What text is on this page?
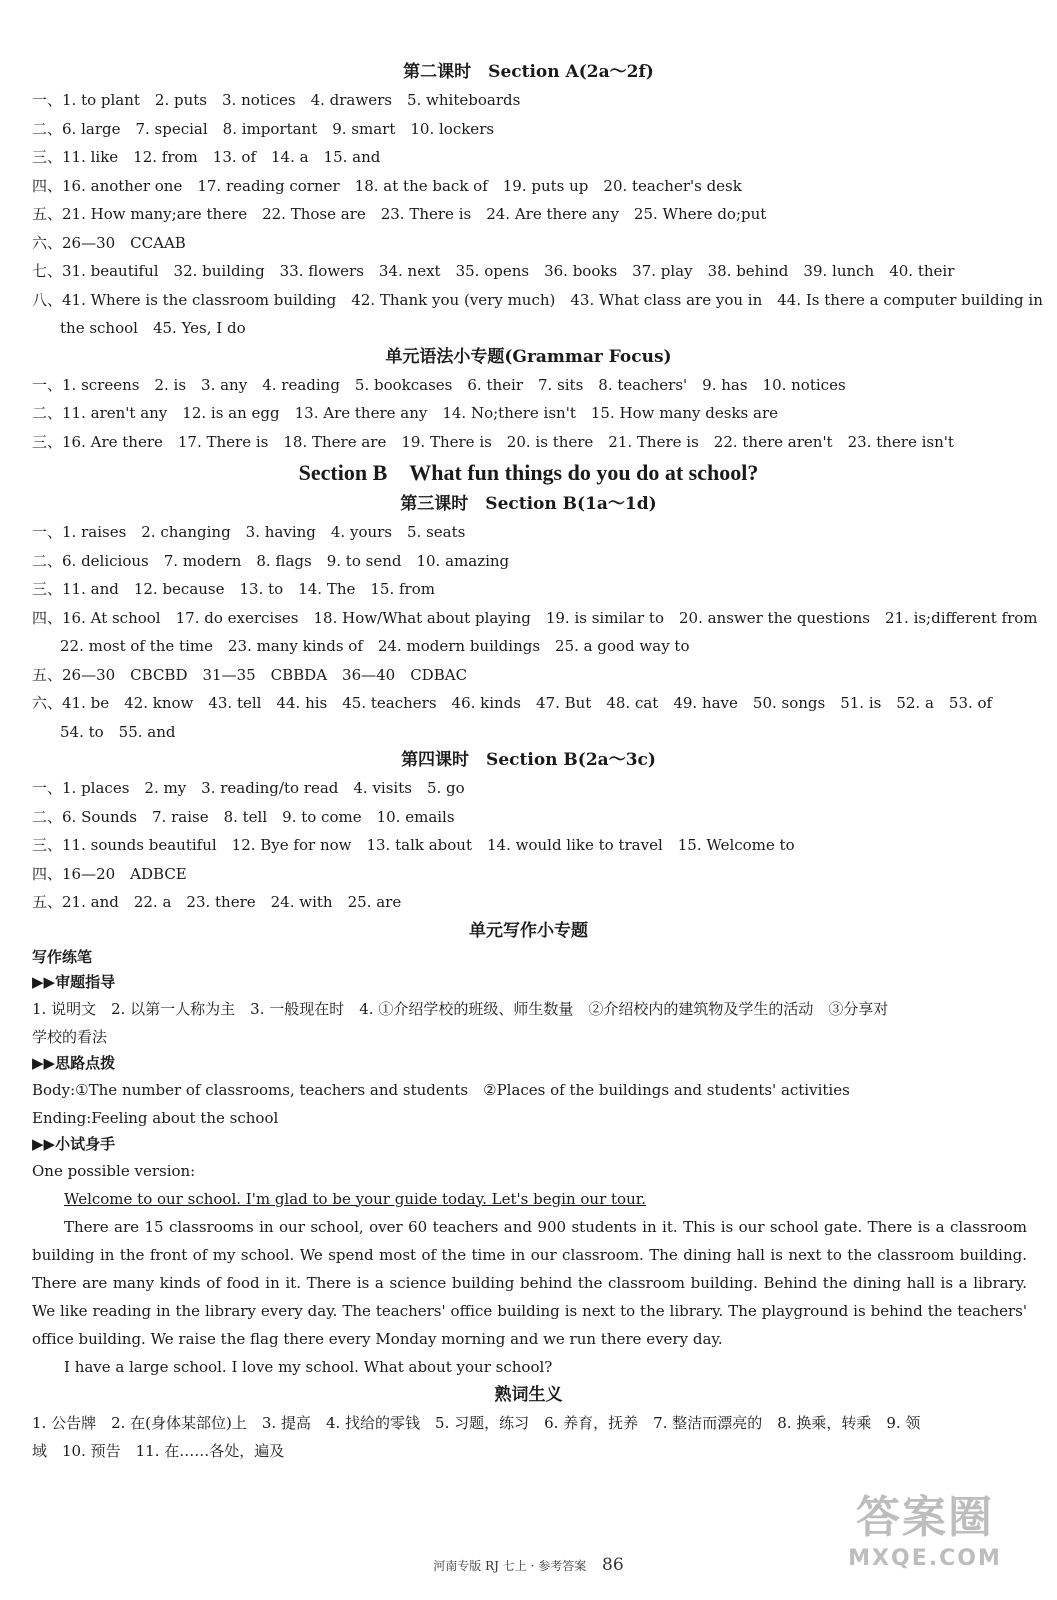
第二课时　Section A(2a～2f)

一、1. to plant　2. puts　3. notices　4. drawers　5. whiteboards

二、6. large　7. special　8. important　9. smart　10. lockers

三、11. like　12. from　13. of　14. a　15. and

四、16. another one　17. reading corner　18. at the back of　19. puts up　20. teacher's desk

五、21. How many;are there　22. Those are　23. There is　24. Are there any　25. Where do;put

六、26—30　CCAAB

七、31. beautiful　32. building　33. flowers　34. next　35. opens　36. books　37. play　38. behind　39. lunch　40. their

八、41. Where is the classroom building　42. Thank you (very much)　43. What class are you in　44. Is there a computer building in

the school　45. Yes, I do

单元语法小专题(Grammar Focus)

一、1. screens　2. is　3. any　4. reading　5. bookcases　6. their　7. sits　8. teachers'　9. has　10. notices

二、11. aren't any　12. is an egg　13. Are there any　14. No;there isn't　15. How many desks are

三、16. Are there　17. There is　18. There are　19. There is　20. is there　21. There is　22. there aren't　23. there isn't

Section B　What fun things do you do at school?

第三课时　Section B(1a～1d)

一、1. raises　2. changing　3. having　4. yours　5. seats

二、6. delicious　7. modern　8. flags　9. to send　10. amazing

三、11. and　12. because　13. to　14. The　15. from

四、16. At school　17. do exercises　18. How/What about playing　19. is similar to　20. answer the questions　21. is;different from

22. most of the time　23. many kinds of　24. modern buildings　25. a good way to

五、26—30　CBCBD　31—35　CBBDA　36—40　CDBAC

六、41. be　42. know　43. tell　44. his　45. teachers　46. kinds　47. But　48. cat　49. have　50. songs　51. is　52. a　53. of

54. to　55. and

第四课时　Section B(2a～3c)

一、1. places　2. my　3. reading/to read　4. visits　5. go

二、6. Sounds　7. raise　8. tell　9. to come　10. emails

三、11. sounds beautiful　12. Bye for now　13. talk about　14. would like to travel　15. Welcome to

四、16—20　ADBCE

五、21. and　22. a　23. there　24. with　25. are

单元写作小专题

写作练笔

▶▶审题指导

1. 说明文　2. 以第一人称为主　3. 一般现在时　4. ①介绍学校的班级、师生数量　②介绍校内的建筑物及学生的活动　③分享对

学校的看法

▶▶思路点拨

Body:①The number of classrooms, teachers and students　②Places of the buildings and students' activities

Ending:Feeling about the school

▶▶小试身手

One possible version:

Welcome to our school. I'm glad to be your guide today. Let's begin our tour.

There are 15 classrooms in our school, over 60 teachers and 900 students in it. This is our school gate. There is a classroom building in the front of my school. We spend most of the time in our classroom. The dining hall is next to the classroom building. There are many kinds of food in it. There is a science building behind the classroom building. Behind the dining hall is a library. We like reading in the library every day. The teachers' office building is next to the library. The playground is behind the teachers' office building. We raise the flag there every Monday morning and we run there every day.

I have a large school. I love my school. What about your school?

熟词生义

1. 公告牌　2. 在(身体某部位)上　3. 提高　4. 找给的零钱　5. 习题，练习　6. 养育，抚养　7. 整洁而漂亮的　8. 换乘，转乘　9. 领

域　10. 预告　11. 在……各处，遍及

河南专版 RJ 七上 · 参考答案 86
答案圈
MXQE.COM
